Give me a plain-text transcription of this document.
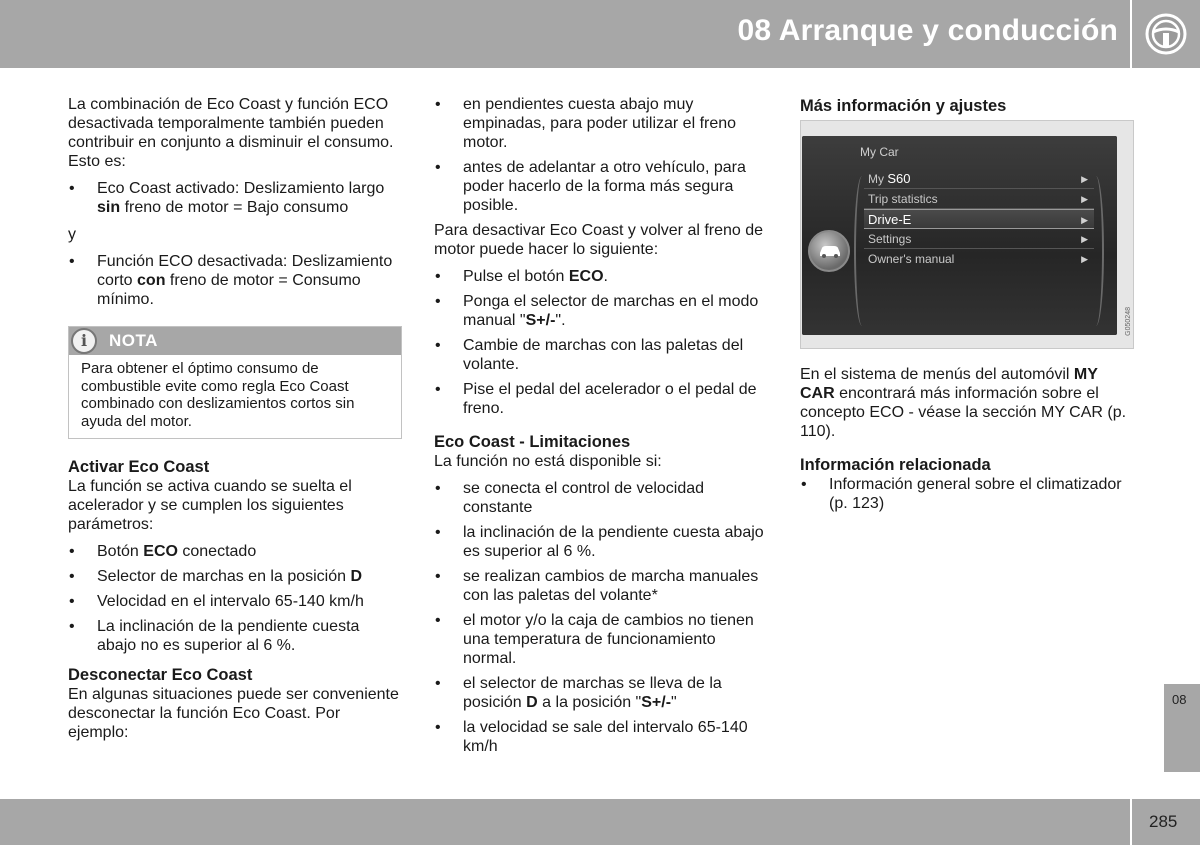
08 Arranque y conducción

La combinación de Eco Coast y función ECO desactivada temporalmente también pueden contribuir en conjunto a disminuir el consumo. Esto es:

• Eco Coast activado: Deslizamiento largo sin freno de motor = Bajo consumo

y

• Función ECO desactivada: Deslizamiento corto con freno de motor = Consumo mínimo.
i	NOTA
Para obtener el óptimo consumo de combustible evite como regla Eco Coast combinado con deslizamientos cortos sin ayuda del motor.
Activar Eco Coast

La función se activa cuando se suelta el acelerador y se cumplen los siguientes parámetros:

• Botón ECO conectado
• Selector de marchas en la posición D
• Velocidad en el intervalo 65-140 km/h
• La inclinación de la pendiente cuesta abajo no es superior al 6 %.
Desconectar Eco Coast

En algunas situaciones puede ser conveniente desconectar la función Eco Coast. Por ejemplo:

• en pendientes cuesta abajo muy empinadas, para poder utilizar el freno motor.
• antes de adelantar a otro vehículo, para poder hacerlo de la forma más segura posible.

Para desactivar Eco Coast y volver al freno de motor puede hacer lo siguiente:

• Pulse el botón ECO.
• Ponga el selector de marchas en el modo manual "S+/-".
• Cambie de marchas con las paletas del volante.
• Pise el pedal del acelerador o el pedal de freno.
Eco Coast - Limitaciones

La función no está disponible si:

• se conecta el control de velocidad constante
• la inclinación de la pendiente cuesta abajo es superior al 6 %.
• se realizan cambios de marcha manuales con las paletas del volante*
• el motor y/o la caja de cambios no tienen una temperatura de funcionamiento normal.
• el selector de marchas se lleva de la posición D a la posición "S+/-"
• la velocidad se sale del intervalo 65-140 km/h
Más información y ajustes
My Car
My S60	▶
Trip statistics	▶
Drive-E	▶
Settings	▶
Owner's manual	▶
G050248

En el sistema de menús del automóvil MY CAR encontrará más información sobre el concepto ECO - véase la sección MY CAR (p. 110).

Información relacionada
• Información general sobre el climatizador (p. 123)
08
285
